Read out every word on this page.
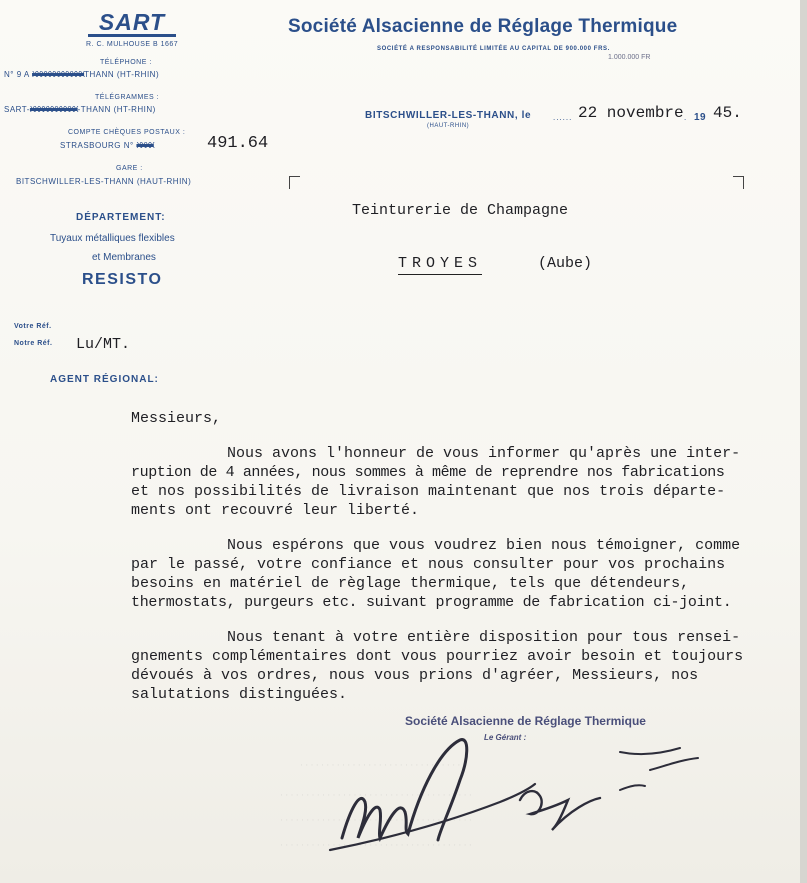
SART
R. C. MULHOUSE B 1667
TÉLÉPHONE :
N° 9 A XXXXXXXXXXXXTHANN (HT-RHIN)
TÉLÉGRAMMES :
SART-XXXXXXXXXXX-THANN (HT-RHIN)
COMPTE CHÈQUES POSTAUX :
STRASBOURG N° XXXX	491.64
GARE :
BITSCHWILLER-LES-THANN (HAUT-RHIN)
DÉPARTEMENT:
Tuyaux métalliques flexibles
et Membranes
RESISTO
Votre Réf.
Notre Réf. Lu/MT.
AGENT RÉGIONAL:
Société Alsacienne de Réglage Thermique
SOCIÉTÉ A RESPONSABILITÉ LIMITÉE AU CAPITAL DE 900.000 FRS.
1.000.000 FR
BITSCHWILLER-LES-THANN, le
(HAUT-RHIN)
...... 22 novembre . 19 45.
Teinturerie de Champagne
TROYES	(Aube)
Messieurs,
Nous avons l'honneur de vous informer qu'après une inter-
ruption de 4 années, nous sommes à même de reprendre nos fabrications
et nos possibilités de livraison maintenant que nos trois départe-
ments ont recouvré leur liberté.
Nous espérons que vous voudrez bien nous témoigner, comme
par le passé, votre confiance et nous consulter pour vos prochains
besoins en matériel de règlage thermique, tels que détendeurs,
thermostats, purgeurs etc. suivant programme de fabrication ci-joint.
Nous tenant à votre entière disposition pour tous rensei-
gnements complémentaires dont vous pourriez avoir besoin et toujours
dévoués à vos ordres, nous vous prions d'agréer, Messieurs, nos
salutations distinguées.
· · · · · · · · · · · · · · · · · · · · · · · · · · · · · · ·
· · · · · · · · · · · · · · · · · · · · · · · · · · · · · · · · · · · · ·
· · · · · · · · · · · · · · · · · · · · · · · · · · · · · · · · · · · · ·
· · · · · · · · · · · · · · · · · · · · · · · · · · · · · · · · · · · · ·
Société Alsacienne de Réglage Thermique
Le Gérant :
